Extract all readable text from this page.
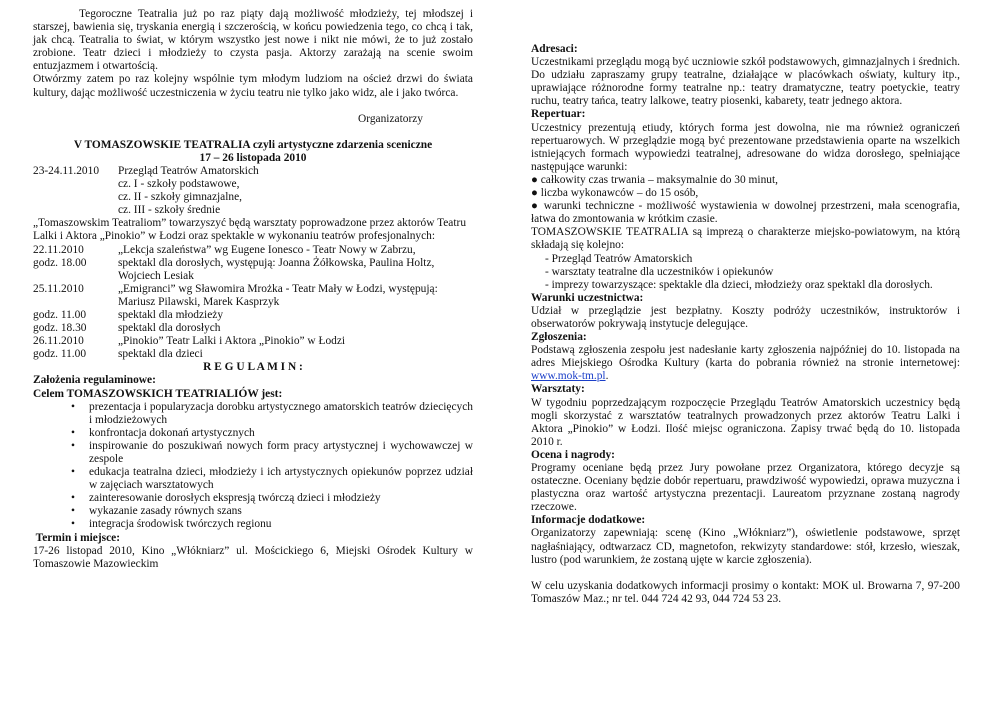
Tegoroczne Teatralia już po raz piąty dają możliwość młodzieży, tej młodszej i starszej, bawienia się, tryskania energią i szczerością, w końcu powiedzenia tego, co chcą i tak, jak chcą. Teatralia to świat, w którym wszystko jest nowe i nikt nie mówi, że to już zostało zrobione. Teatr dzieci i młodzieży to czysta pasja. Aktorzy zarażają na scenie swoim entuzjazmem i otwartością.

Otwórzmy zatem po raz kolejny wspólnie tym młodym ludziom na oścież drzwi do świata kultury, dając możliwość uczestniczenia w życiu teatru nie tylko jako widz, ale i jako twórca.

Organizatorzy

V TOMASZOWSKIE TEATRALIA czyli artystyczne zdarzenia sceniczne

17 – 26 listopada 2010

23-24.11.2010	Przegląd Teatrów Amatorskich

cz. I - szkoły podstawowe,

cz. II - szkoły gimnazjalne,

cz. III - szkoły średnie

„Tomaszowskim Teatraliom” towarzyszyć będą warsztaty poprowadzone przez aktorów Teatru Lalki i Aktora „Pinokio” w Łodzi oraz spektakle w wykonaniu teatrów profesjonalnych:

22.11.2010	„Lekcja szaleństwa” wg Eugene Ionesco - Teatr Nowy w Zabrzu,
godz. 18.00	spektakl dla dorosłych, występują: Joanna Żółkowska, Paulina Holtz,

Wojciech Lesiak

25.11.2010	„Emigranci” wg Sławomira Mrożka - Teatr Mały w Łodzi, występują:

Mariusz Pilawski, Marek Kasprzyk

godz. 11.00	spektakl dla młodzieży
godz. 18.30	spektakl dla dorosłych
26.11.2010	„Pinokio” Teatr Lalki i Aktora „Pinokio” w Łodzi
godz. 11.00	spektakl dla dzieci

R E G U L A M I N :

Założenia regulaminowe:

Celem TOMASZOWSKICH TEATRIALIÓW jest:

• prezentacja i popularyzacja dorobku artystycznego amatorskich teatrów dziecięcych i młodzieżowych
• konfrontacja dokonań artystycznych
• inspirowanie do poszukiwań nowych form pracy artystycznej i wychowawczej w zespole
• edukacja teatralna dzieci, młodzieży i ich artystycznych opiekunów poprzez udział w zajęciach warsztatowych
• zainteresowanie dorosłych ekspresją twórczą dzieci i młodzieży
• wykazanie zasady równych szans
• integracja środowisk twórczych regionu

Termin i miejsce:

17-26 listopad 2010, Kino „Włókniarz” ul. Mościckiego 6, Miejski Ośrodek Kultury w Tomaszowie Mazowieckim

Adresaci:

Uczestnikami przeglądu mogą być uczniowie szkół podstawowych, gimnazjalnych i średnich. Do udziału zapraszamy grupy teatralne, działające w placówkach oświaty, kultury itp., uprawiające różnorodne formy teatralne np.: teatry dramatyczne, teatry poetyckie, teatry ruchu, teatry tańca, teatry lalkowe, teatry piosenki, kabarety, teatr jednego aktora.

Repertuar:

Uczestnicy prezentują etiudy, których forma jest dowolna, nie ma również ograniczeń repertuarowych. W przeglądzie mogą być prezentowane przedstawienia oparte na wszelkich istniejących formach wypowiedzi teatralnej, adresowane do widza dorosłego, spełniające następujące warunki:

● całkowity czas trwania – maksymalnie do 30 minut,

● liczba wykonawców – do 15 osób,

● warunki techniczne - możliwość wystawienia w dowolnej przestrzeni, mała scenografia, łatwa do zmontowania w krótkim czasie.

TOMASZOWSKIE TEATRALIA są imprezą o charakterze miejsko-powiatowym, na którą składają się kolejno:

- Przegląd Teatrów Amatorskich

- warsztaty teatralne dla uczestników i opiekunów

- imprezy towarzyszące: spektakle dla dzieci, młodzieży oraz spektakl dla dorosłych.

Warunki uczestnictwa:

Udział w przeglądzie jest bezpłatny. Koszty podróży uczestników, instruktorów i obserwatorów pokrywają instytucje delegujące.

Zgłoszenia:

Podstawą zgłoszenia zespołu jest nadesłanie karty zgłoszenia najpóźniej do 10. listopada na adres Miejskiego Ośrodka Kultury (karta do pobrania również na stronie internetowej: www.mok-tm.pl.

Warsztaty:

W tygodniu poprzedzającym rozpoczęcie Przeglądu Teatrów Amatorskich uczestnicy będą mogli skorzystać z warsztatów teatralnych prowadzonych przez aktorów Teatru Lalki i Aktora „Pinokio” w Łodzi. Ilość miejsc ograniczona. Zapisy trwać będą do 10. listopada 2010 r.

Ocena i nagrody:

Programy oceniane będą przez Jury powołane przez Organizatora, którego decyzje są ostateczne. Oceniany będzie dobór repertuaru, prawdziwość wypowiedzi, oprawa muzyczna i plastyczna oraz wartość artystyczna prezentacji. Laureatom przyznane zostaną nagrody rzeczowe.

Informacje dodatkowe:

Organizatorzy zapewniają: scenę (Kino „Włókniarz”), oświetlenie podstawowe, sprzęt nagłaśniający, odtwarzacz CD, magnetofon, rekwizyty standardowe: stół, krzesło, wieszak, lustro (pod warunkiem, że zostaną ujęte w karcie zgłoszenia).

W celu uzyskania dodatkowych informacji prosimy o kontakt: MOK ul. Browarna 7, 97-200 Tomaszów Maz.; nr tel. 044 724 42 93, 044 724 53 23.
